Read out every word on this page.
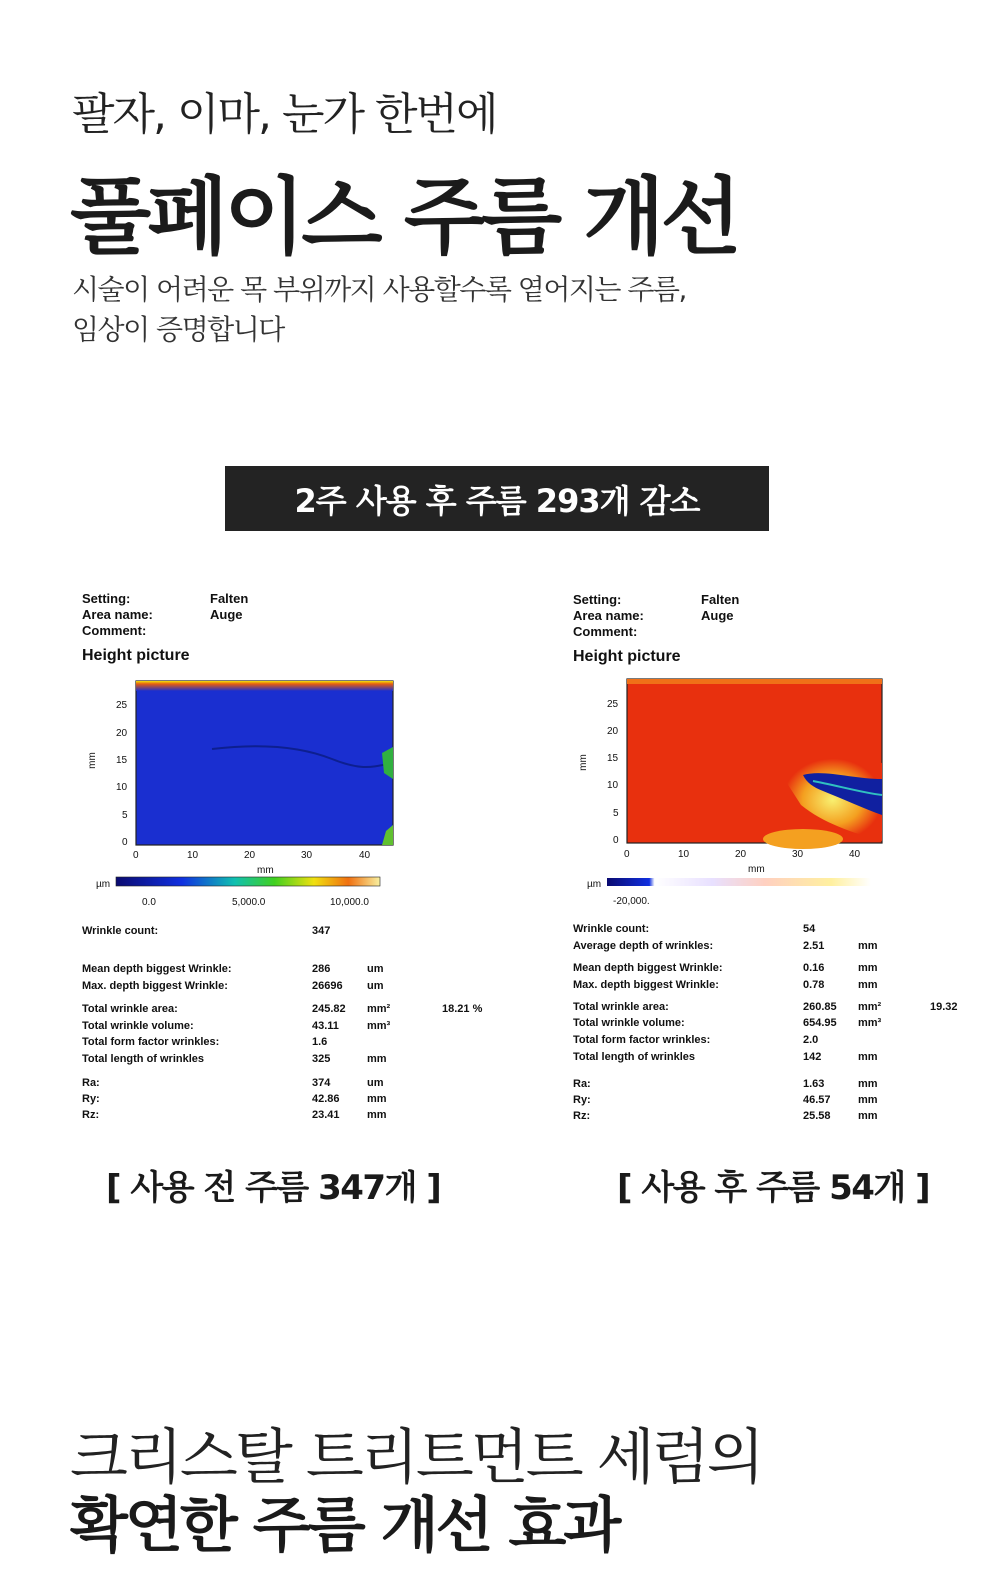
팔자, 이마, 눈가 한번에
풀페이스 주름 개선
시술이 어려운 목 부위까지 사용할수록 옅어지는 주름,
임상이 증명합니다
2주 사용 후 주름 293개 감소
Setting:	Falten
Area name:	Auge
Comment:
Height picture
mm
25
20
15
10
5
0
0	10	20	30	40
mm
µm
0.0	5,000.0	10,000.0
Wrinkle count:	347
Mean depth biggest Wrinkle:	286	um
Max. depth biggest Wrinkle:	26696 um
Total wrinkle area:	245.82 mm²	18.21 %
Total wrinkle volume:	43.11	mm³
Total form factor wrinkles:	1.6
Total length of wrinkles	325	mm
Ra:	374	um
Ry:	42.86 mm
Rz:	23.41 mm
Setting:	Falten
Area name:	Auge
Comment:
Height picture
mm
25
20
15
10
5
0
0	10	20	30	40
mm
µm
-20,000.
Wrinkle count:	54
Average depth of wrinkles:	2.51	mm
Mean depth biggest Wrinkle:	0.16	mm
Max. depth biggest Wrinkle:	0.78	mm
Total wrinkle area:	260.85 mm²	19.32
Total wrinkle volume:	654.95 mm³
Total form factor wrinkles:	2.0
Total length of wrinkles	142	mm
Ra:	1.63	mm
Ry:	46.57 mm
Rz:	25.58 mm
[ 사용 전 주름 347개 ]	[ 사용 후 주름 54개 ]
크리스탈 트리트먼트 세럼의
확연한 주름 개선 효과
